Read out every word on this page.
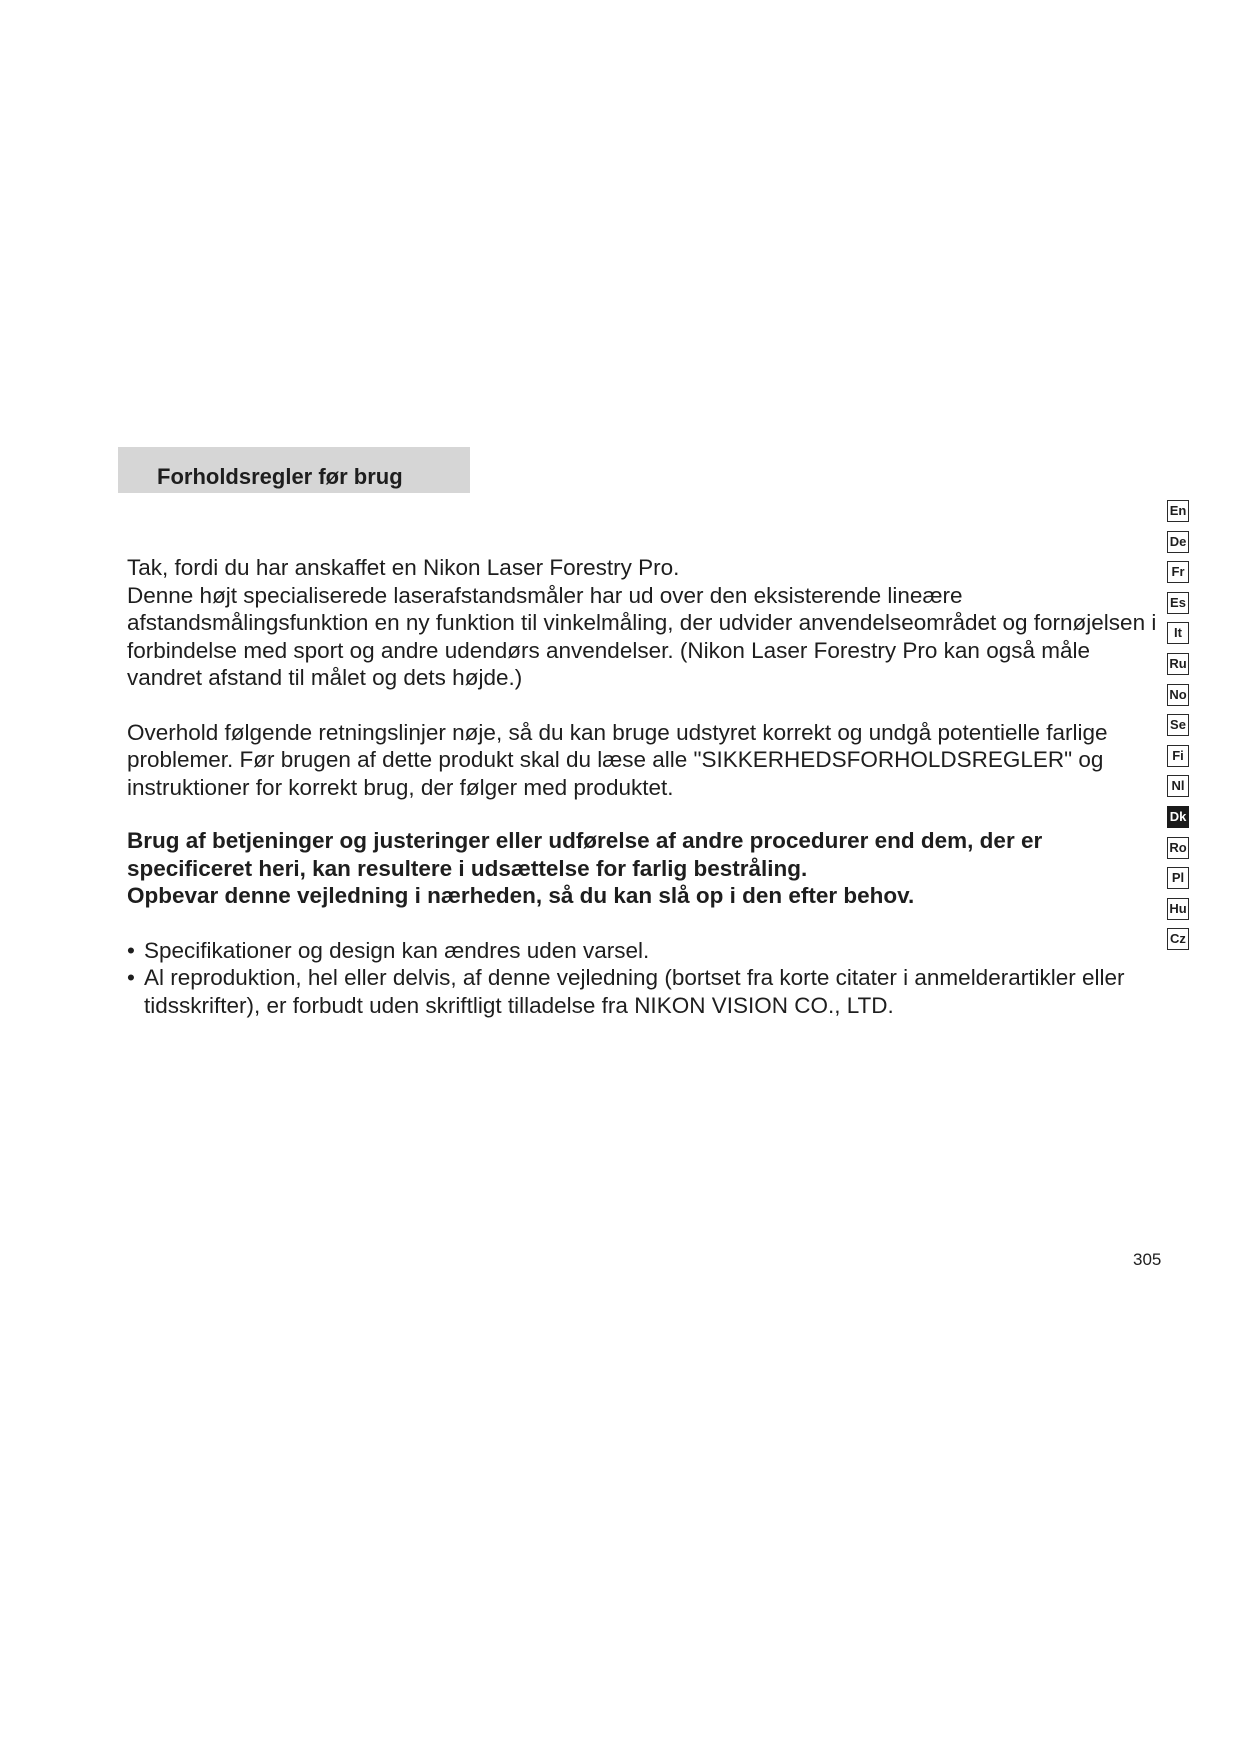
Forholdsregler før brug

Tak, fordi du har anskaffet en Nikon Laser Forestry Pro.
Denne højt specialiserede laserafstandsmåler har ud over den eksisterende lineære afstandsmålingsfunktion en ny funktion til vinkelmåling, der udvider anvendelseområdet og fornøjelsen i forbindelse med sport og andre udendørs anvendelser. (Nikon Laser Forestry Pro kan også måle vandret afstand til målet og dets højde.)

Overhold følgende retningslinjer nøje, så du kan bruge udstyret korrekt og undgå potentielle farlige problemer. Før brugen af dette produkt skal du læse alle "SIKKERHEDSFORHOLDSREGLER" og instruktioner for korrekt brug, der følger med produktet.

Brug af betjeninger og justeringer eller udførelse af andre procedurer end dem, der er specificeret heri, kan resultere i udsættelse for farlig bestråling.
Opbevar denne vejledning i nærheden, så du kan slå op i den efter behov.

• Specifikationer og design kan ændres uden varsel.
• Al reproduktion, hel eller delvis, af denne vejledning (bortset fra korte citater i anmelderartikler eller tidsskrifter), er forbudt uden skriftligt tilladelse fra NIKON VISION CO., LTD.
En
De
Fr
Es
It
Ru
No
Se
Fi
Nl
Dk
Ro
Pl
Hu
Cz
305
